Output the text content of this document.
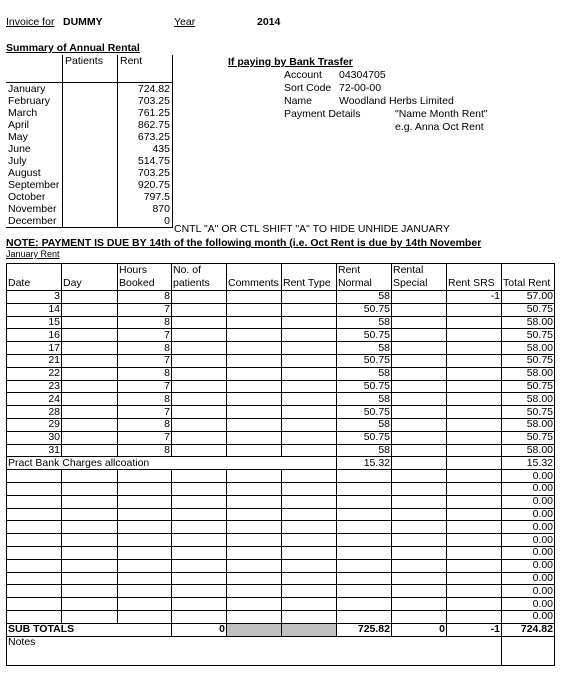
Invoice for DUMMY	Year	2014
Summary of Annual Rental
	Patients	Rent
January		724.82
February		703.25
March		761.25
April		862.75
May		673.25
June		435
July		514.75
August		703.25
September		920.75
October		797.5
November		870
December		0
CNTL "A" OR CTL SHIFT "A" TO HIDE UNHIDE JANUARY
If paying by Bank Trasfer
Account 04304705
Sort Code 72-00-00
Name	Woodland Herbs Limited
Payment Details	"Name Month Rent"
e.g. Anna Oct Rent
NOTE: PAYMENT IS DUE BY 14th of the following month (i.e. Oct Rent is due by 14th November
January Rent
Date	Day	Hours Booked	No. of patients	Comments	Rent Type	Rent Normal	Rental Special	Rent SRS	Total Rent
3		8				58		-1	57.00
14		7				50.75			50.75
15		8				58			58.00
16		7				50.75			50.75
17		8				58			58.00
21		7				50.75			50.75
22		8				58			58.00
23		7				50.75			50.75
24		8				58			58.00
28		7				50.75			50.75
29		8				58			58.00
30		7				50.75			50.75
31		8				58			58.00
Pract Bank Charges allcoation						15.32			15.32
									0.00
									0.00
									0.00
									0.00
									0.00
									0.00
									0.00
									0.00
									0.00
									0.00
									0.00
									0.00
SUB TOTALS			0			725.82	0	-1	724.82
Notes									
